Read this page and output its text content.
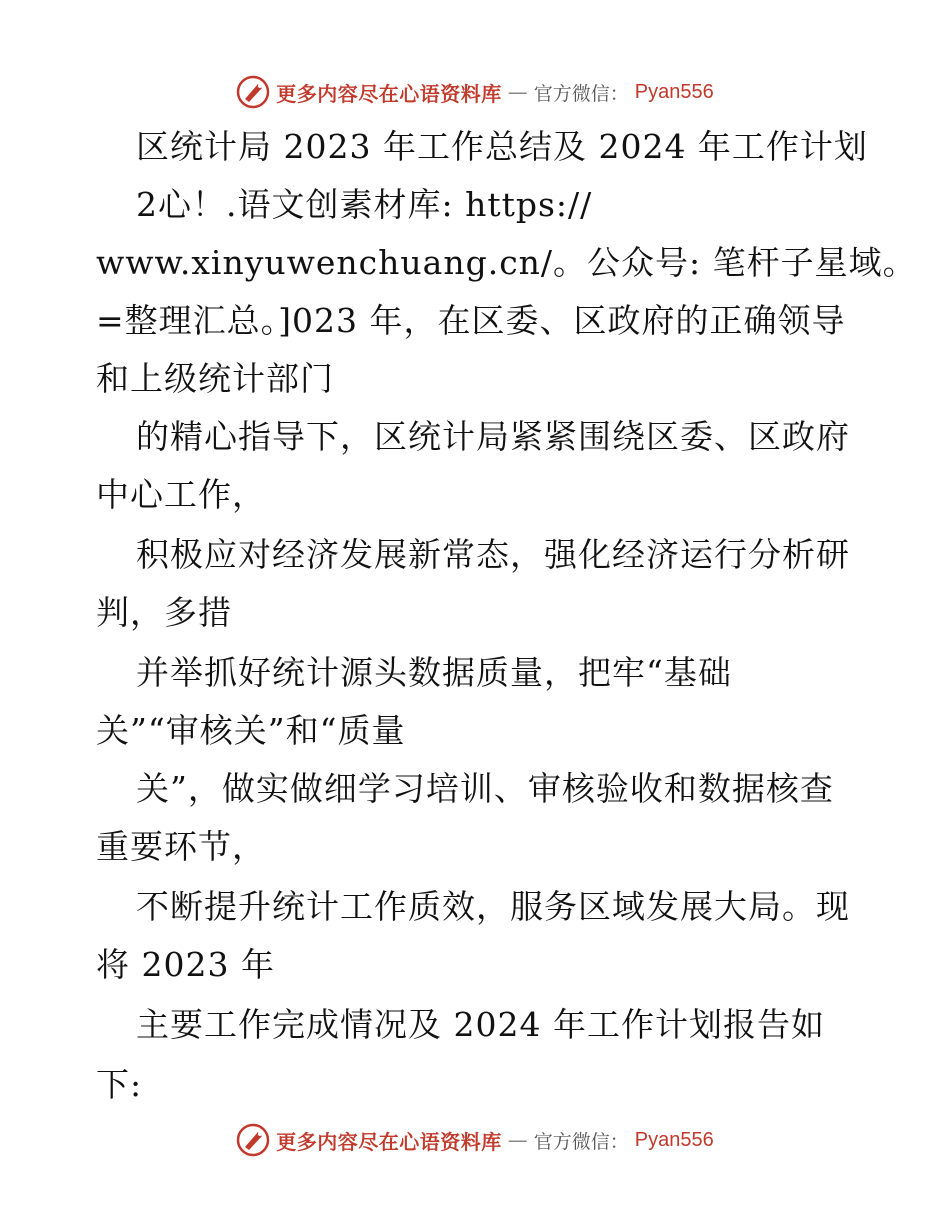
更多内容尽在心语资料库 — 官方微信： Pyan556
区统计局 2023 年工作总结及 2024 年工作计划
2心！.语文创素材库: https://
www.xinyuwenchuang.cn/。公众号: 笔杆子星域。
=整理汇总。]023 年，在区委、区政府的正确领导
和上级统计部门
的精心指导下，区统计局紧紧围绕区委、区政府
中心工作，
积极应对经济发展新常态，强化经济运行分析研
判，多措
并举抓好统计源头数据质量，把牢“基础
关”“审核关”和“质量
关”，做实做细学习培训、审核验收和数据核查
重要环节，
不断提升统计工作质效，服务区域发展大局。现
将 2023 年
主要工作完成情况及 2024 年工作计划报告如
下:
更多内容尽在心语资料库 — 官方微信： Pyan556
